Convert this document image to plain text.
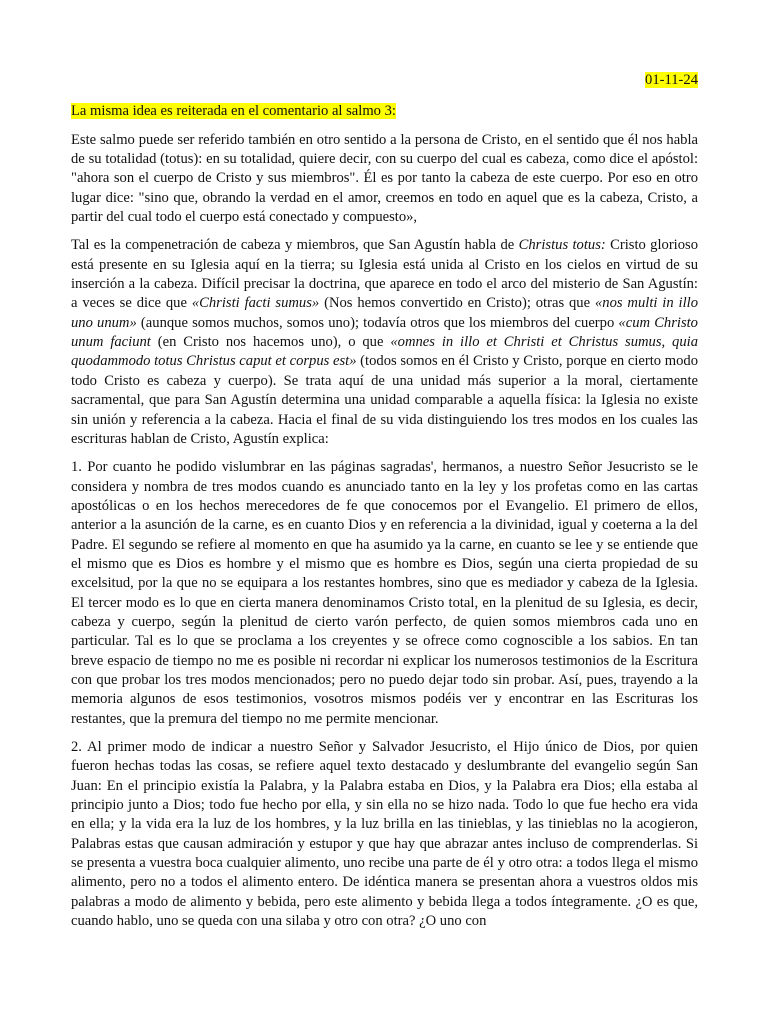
01-11-24

La misma idea es reiterada en el comentario al salmo 3:

Este salmo puede ser referido también en otro sentido a la persona de Cristo, en el sentido que él nos habla de su totalidad (totus): en su totalidad, quiere decir, con su cuerpo del cual es cabeza, como dice el apóstol: "ahora son el cuerpo de Cristo y sus miembros". Él es por tanto la cabeza de este cuerpo. Por eso en otro lugar dice: "sino que, obrando la verdad en el amor, creemos en todo en aquel que es la cabeza, Cristo, a partir del cual todo el cuerpo está conectado y compuesto»,

Tal es la compenetración de cabeza y miembros, que San Agustín habla de Christus totus: Cristo glorioso está presente en su Iglesia aquí en la tierra; su Iglesia está unida al Cristo en los cielos en virtud de su inserción a la cabeza. Difícil precisar la doctrina, que aparece en todo el arco del misterio de San Agustín: a veces se dice que «Christi facti sumus» (Nos hemos convertido en Cristo); otras que «nos multi in illo uno unum» (aunque somos muchos, somos uno); todavía otros que los miembros del cuerpo «cum Christo unum faciunt (en Cristo nos hacemos uno), o que «omnes in illo et Christi et Christus sumus, quia quodammodo totus Christus caput et corpus est» (todos somos en él Cristo y Cristo, porque en cierto modo todo Cristo es cabeza y cuerpo). Se trata aquí de una unidad más superior a la moral, ciertamente sacramental, que para San Agustín determina una unidad comparable a aquella física: la Iglesia no existe sin unión y referencia a la cabeza. Hacia el final de su vida distinguiendo los tres modos en los cuales las escrituras hablan de Cristo, Agustín explica:

1. Por cuanto he podido vislumbrar en las páginas sagradas', hermanos, a nuestro Señor Jesucristo se le considera y nombra de tres modos cuando es anunciado tanto en la ley y los profetas como en las cartas apostólicas o en los hechos merecedores de fe que conocemos por el Evangelio. El primero de ellos, anterior a la asunción de la carne, es en cuanto Dios y en referencia a la divinidad, igual y coeterna a la del Padre. El segundo se refiere al momento en que ha asumido ya la carne, en cuanto se lee y se entiende que el mismo que es Dios es hombre y el mismo que es hombre es Dios, según una cierta propiedad de su excelsitud, por la que no se equipara a los restantes hombres, sino que es mediador y cabeza de la Iglesia. El tercer modo es lo que en cierta manera denominamos Cristo total, en la plenitud de su Iglesia, es decir, cabeza y cuerpo, según la plenitud de cierto varón perfecto, de quien somos miembros cada uno en particular. Tal es lo que se proclama a los creyentes y se ofrece como cognoscible a los sabios. En tan breve espacio de tiempo no me es posible ni recordar ni explicar los numerosos testimonios de la Escritura con que probar los tres modos mencionados; pero no puedo dejar todo sin probar. Así, pues, trayendo a la memoria algunos de esos testimonios, vosotros mismos podéis ver y encontrar en las Escrituras los restantes, que la premura del tiempo no me permite mencionar.

2. Al primer modo de indicar a nuestro Señor y Salvador Jesucristo, el Hijo único de Dios, por quien fueron hechas todas las cosas, se refiere aquel texto destacado y deslumbrante del evangelio según San Juan: En el principio existía la Palabra, y la Palabra estaba en Dios, y la Palabra era Dios; ella estaba al principio junto a Dios; todo fue hecho por ella, y sin ella no se hizo nada. Todo lo que fue hecho era vida en ella; y la vida era la luz de los hombres, y la luz brilla en las tinieblas, y las tinieblas no la acogieron, Palabras estas que causan admiración y estupor y que hay que abrazar antes incluso de comprenderlas. Si se presenta a vuestra boca cualquier alimento, uno recibe una parte de él y otro otra: a todos llega el mismo alimento, pero no a todos el alimento entero. De idéntica manera se presentan ahora a vuestros oldos mis palabras a modo de alimento y bebida, pero este alimento y bebida llega a todos íntegramente. ¿O es que, cuando hablo, uno se queda con una silaba y otro con otra? ¿O uno con
